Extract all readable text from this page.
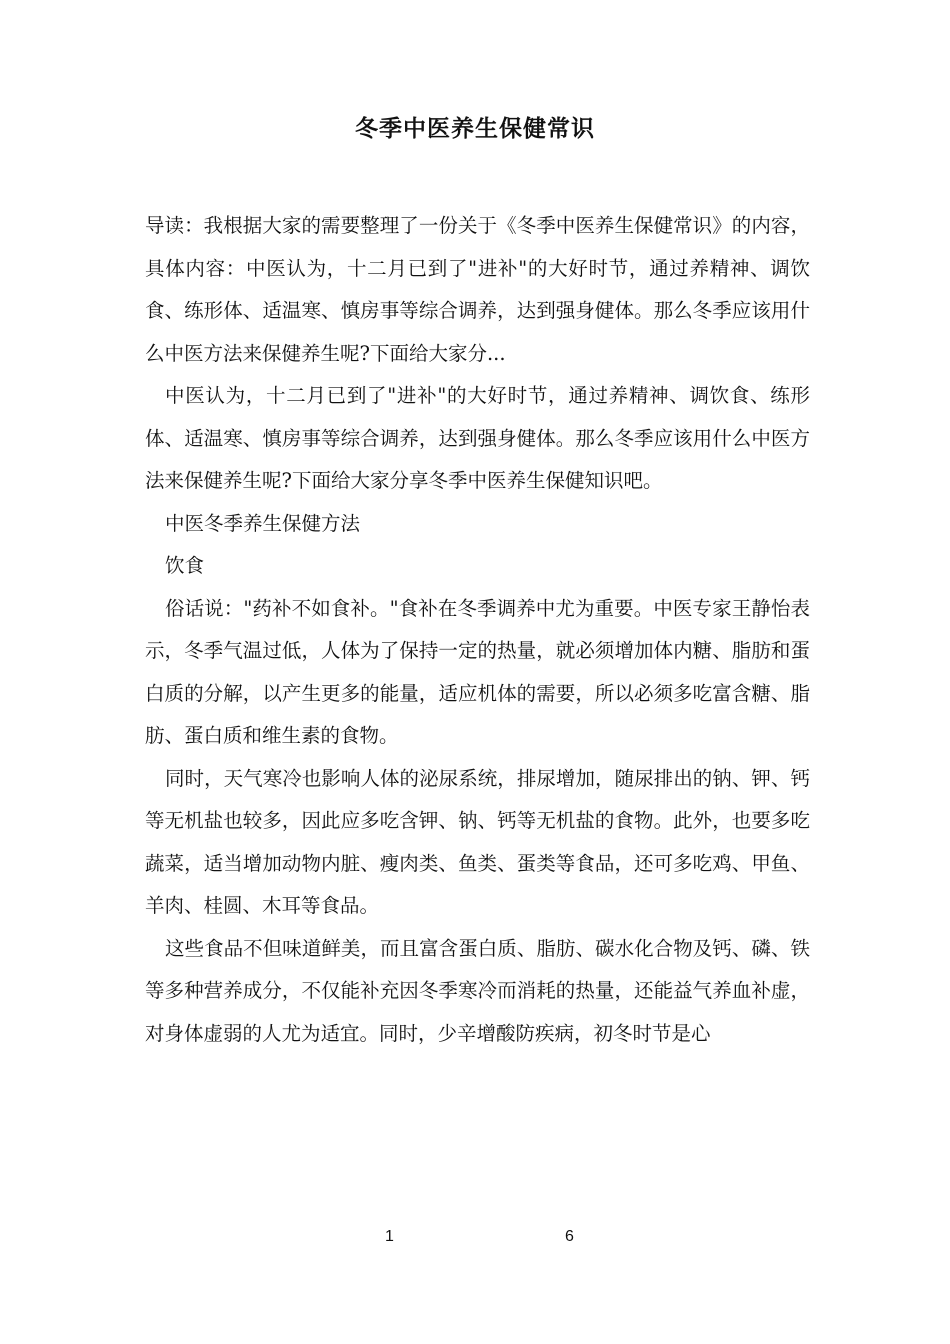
冬季中医养生保健常识

导读：我根据大家的需要整理了一份关于《冬季中医养生保健常识》的内容，具体内容：中医认为，十二月已到了"进补"的大好时节，通过养精神、调饮食、练形体、适温寒、慎房事等综合调养，达到强身健体。那么冬季应该用什么中医方法来保健养生呢?下面给大家分...

中医认为，十二月已到了"进补"的大好时节，通过养精神、调饮食、练形体、适温寒、慎房事等综合调养，达到强身健体。那么冬季应该用什么中医方法来保健养生呢?下面给大家分享冬季中医养生保健知识吧。

中医冬季养生保健方法

饮食

俗话说："药补不如食补。"食补在冬季调养中尤为重要。中医专家王静怡表示，冬季气温过低，人体为了保持一定的热量，就必须增加体内糖、脂肪和蛋白质的分解，以产生更多的能量，适应机体的需要，所以必须多吃富含糖、脂肪、蛋白质和维生素的食物。

同时，天气寒冷也影响人体的泌尿系统，排尿增加，随尿排出的钠、钾、钙等无机盐也较多，因此应多吃含钾、钠、钙等无机盐的食物。此外，也要多吃蔬菜，适当增加动物内脏、瘦肉类、鱼类、蛋类等食品，还可多吃鸡、甲鱼、羊肉、桂圆、木耳等食品。

这些食品不但味道鲜美，而且富含蛋白质、脂肪、碳水化合物及钙、磷、铁等多种营养成分，不仅能补充因冬季寒冷而消耗的热量，还能益气养血补虚，对身体虚弱的人尤为适宜。同时，少辛增酸防疾病，初冬时节是心

1	6
